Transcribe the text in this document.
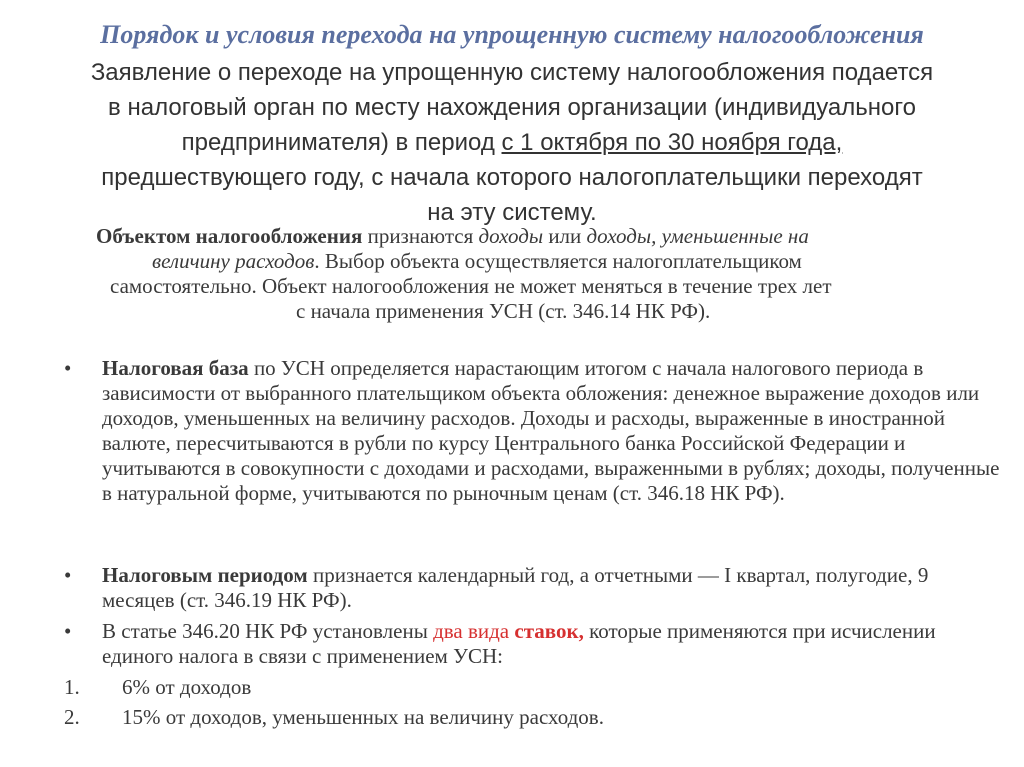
Порядок и условия перехода на упрощенную систему налогообложения
Заявление о переходе на упрощенную систему налогообложения подается
в налоговый орган по месту нахождения организации (индивидуального
предпринимателя) в период с 1 октября по 30 ноября года,
предшествующего году, с начала которого налогоплательщики переходят
на эту систему.
Объектом налогообложения признаются доходы или доходы, уменьшенные на
величину расходов. Выбор объекта осуществляется налогоплательщиком
самостоятельно. Объект налогообложения не может меняться в течение трех лет
с начала применения УСН (ст. 346.14 НК РФ).
•	Налоговая база по УСН определяется нарастающим итогом с начала налогового периода в зависимости от выбранного плательщиком объекта обложения: денежное выражение доходов или доходов, уменьшенных на величину расходов. Доходы и расходы, выраженные в иностранной валюте, пересчитываются в рубли по курсу Центрального банка Российской Федерации и учитываются в совокупности с доходами и расходами, выраженными в рублях; доходы, полученные в натуральной форме, учитываются по рыночным ценам (ст. 346.18 НК РФ).
•	Налоговым периодом признается календарный год, а отчетными — I квартал, полугодие, 9 месяцев (ст. 346.19 НК РФ).
•	В статье 346.20 НК РФ установлены два вида ставок, которые применяются при исчислении единого налога в связи с применением УСН:
1. 6% от доходов
2. 15% от доходов, уменьшенных на величину расходов.
